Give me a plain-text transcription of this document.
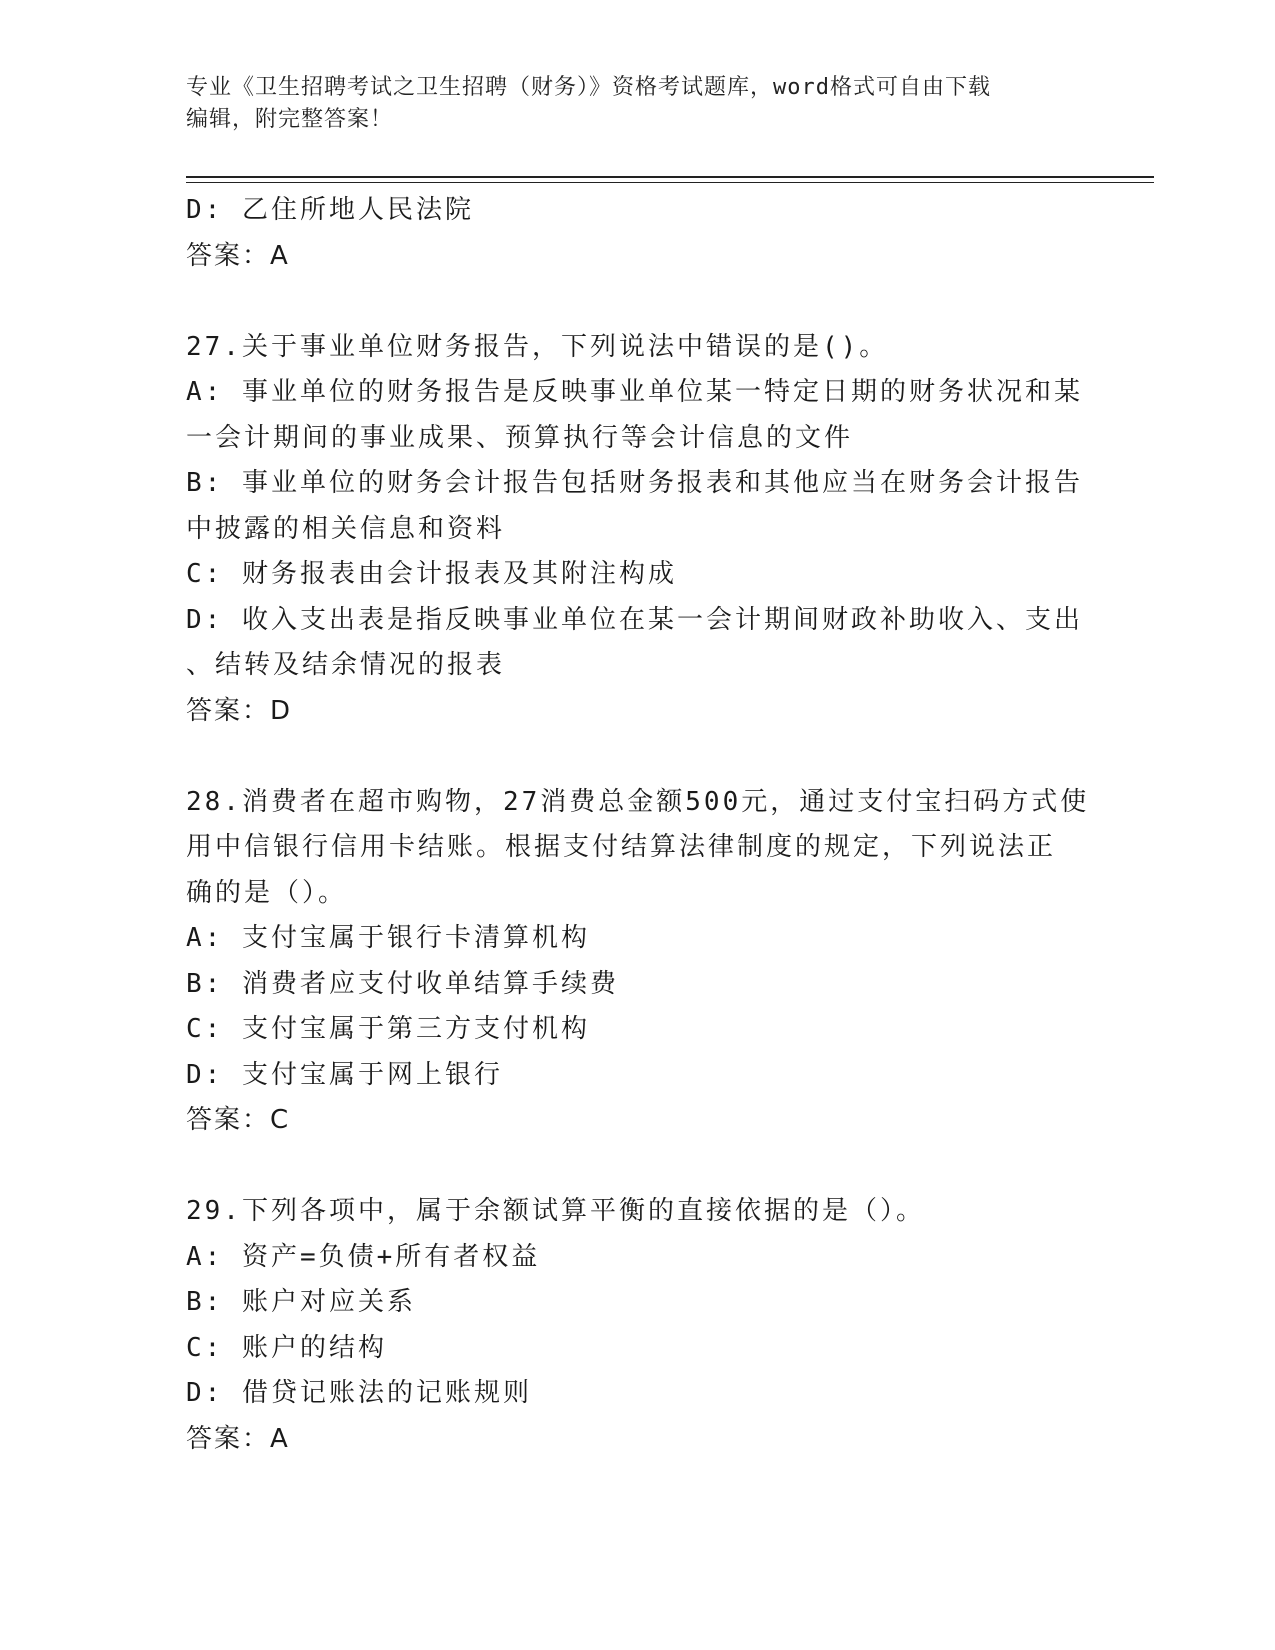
专业《卫生招聘考试之卫生招聘（财务）》资格考试题库，word格式可自由下载
编辑，附完整答案！
D: 乙住所地人民法院
答案：A
27.关于事业单位财务报告，下列说法中错误的是()。
A: 事业单位的财务报告是反映事业单位某一特定日期的财务状况和某
一会计期间的事业成果、预算执行等会计信息的文件
B: 事业单位的财务会计报告包括财务报表和其他应当在财务会计报告
中披露的相关信息和资料
C: 财务报表由会计报表及其附注构成
D: 收入支出表是指反映事业单位在某一会计期间财政补助收入、支出
、结转及结余情况的报表
答案：D
28.消费者在超市购物，27消费总金额500元，通过支付宝扫码方式使
用中信银行信用卡结账。根据支付结算法律制度的规定，下列说法正
确的是（）。
A: 支付宝属于银行卡清算机构
B: 消费者应支付收单结算手续费
C: 支付宝属于第三方支付机构
D: 支付宝属于网上银行
答案：C
29.下列各项中，属于余额试算平衡的直接依据的是（）。
A: 资产=负债+所有者权益
B: 账户对应关系
C: 账户的结构
D: 借贷记账法的记账规则
答案：A
